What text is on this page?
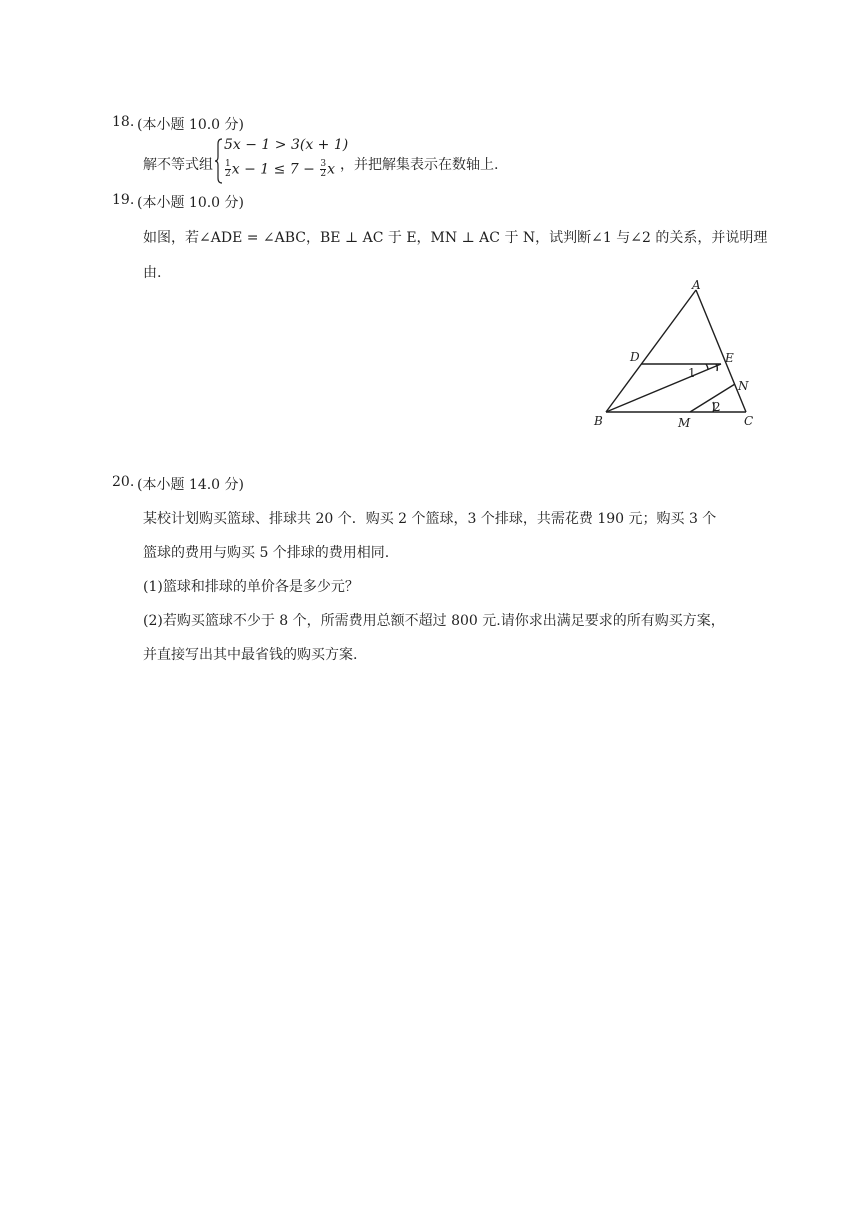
18. (本小题 10.0 分)
解不等式组
5x − 1 > 3(x + 1)
$\frac{1}{2}$ $x - 1 \le 7 - \frac{3}{2}$ x ，并把解集表示在数轴上.
19. (本小题 10.0 分)
如图，若∠ADE = ∠ABC，BE ⊥ AC 于 E，MN ⊥ AC 于 N，试判断∠1 与∠2 的关系，并说明理
由.
A
D	E
N
B	M	C
1
2
20. (本小题 14.0 分)
某校计划购买篮球、排球共 20 个．购买 2 个篮球，3 个排球，共需花费 190 元；购买 3 个
篮球的费用与购买 5 个排球的费用相同.
(1)篮球和排球的单价各是多少元？
(2)若购买篮球不少于 8 个，所需费用总额不超过 800 元.请你求出满足要求的所有购买方案，
并直接写出其中最省钱的购买方案.
